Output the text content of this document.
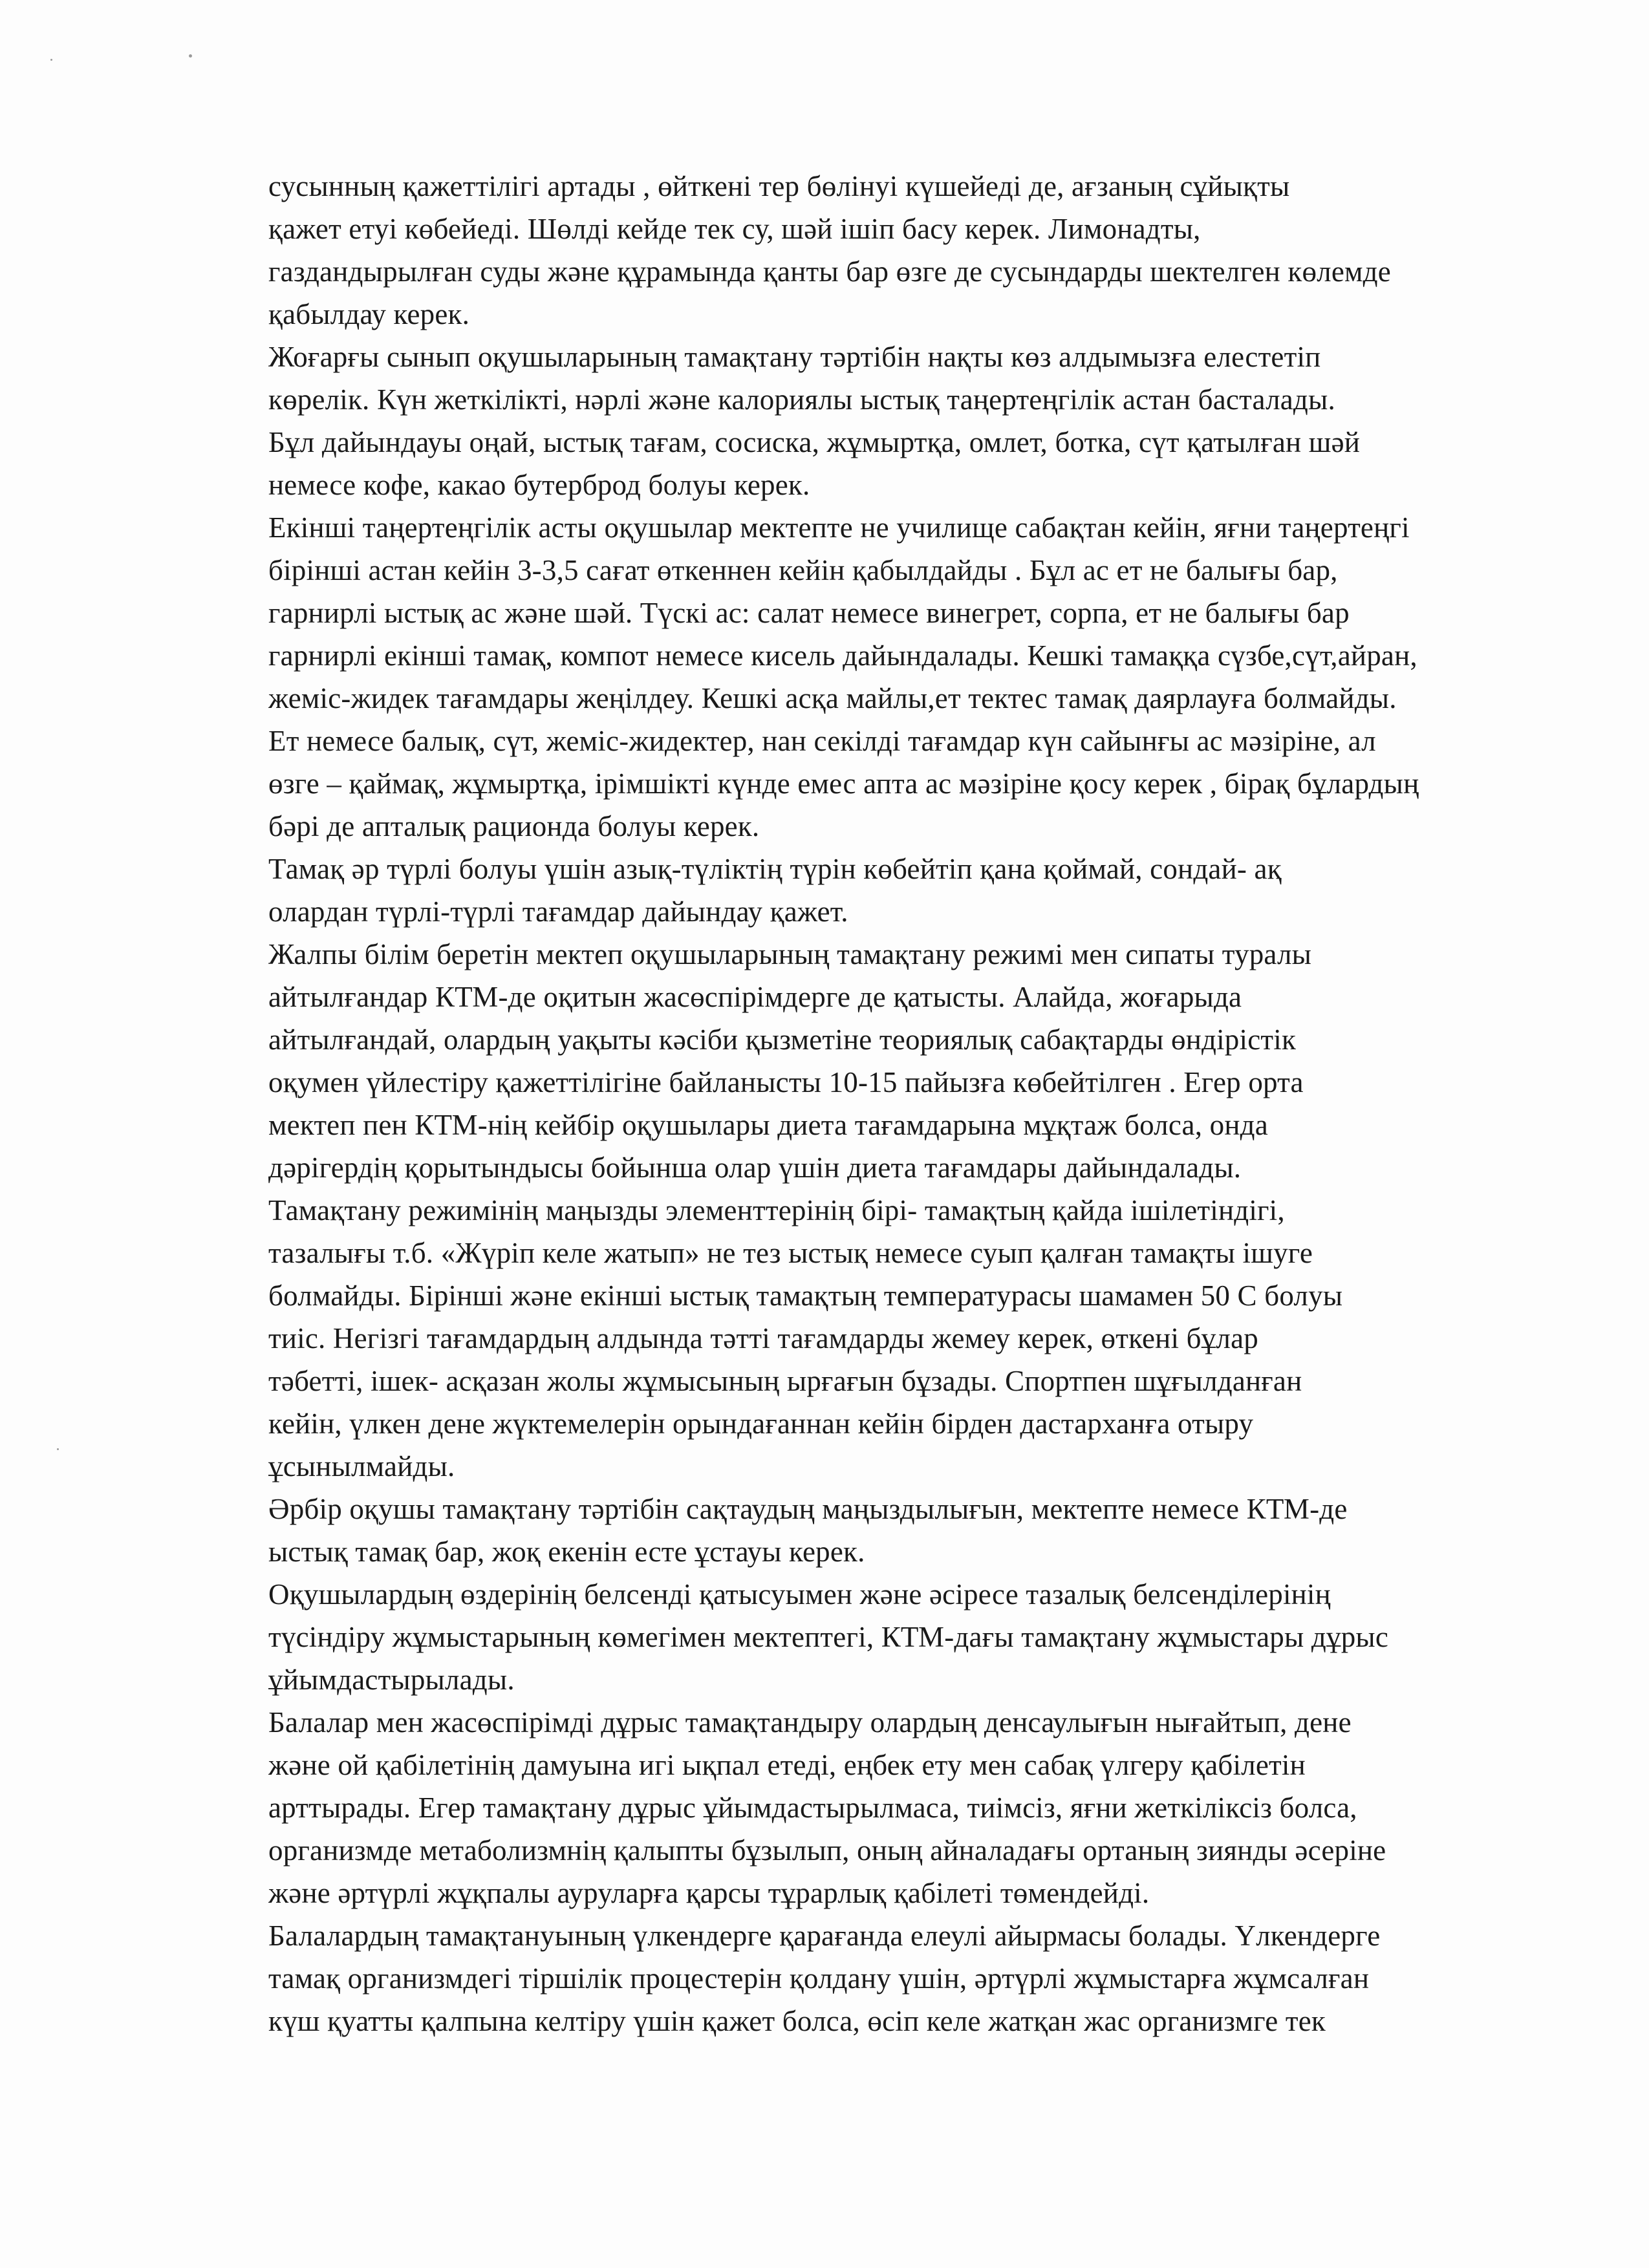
сусынның қажеттілігі артады , өйткені тер бөлінуі күшейеді де, ағзаның сұйықты
қажет етуі көбейеді. Шөлді кейде тек су, шәй ішіп басу керек. Лимонадты,
газдандырылған суды және құрамында қанты бар өзге де сусындарды шектелген көлемде
қабылдау керек.
Жоғарғы сынып оқушыларының тамақтану тәртібін нақты көз алдымызға елестетіп
көрелік. Күн жеткілікті, нәрлі және калориялы ыстық таңертеңгілік астан басталады.
Бұл дайындауы оңай, ыстық тағам, сосиска, жұмыртқа, омлет, ботка, сүт қатылған шәй
немесе кофе, какао бутерброд болуы керек.
Екінші таңертеңгілік асты оқушылар мектепте не училище сабақтан кейін, яғни таңертеңгі
бірінші астан кейін 3-3,5 сағат өткеннен кейін қабылдайды . Бұл ас ет не балығы бар,
гарнирлі ыстық ас және шәй. Түскі ас: салат немесе винегрет, сорпа, ет не балығы бар
гарнирлі екінші тамақ, компот немесе кисель дайындалады. Кешкі тамаққа сүзбе,сүт,айран,
жеміс-жидек тағамдары жеңілдеу. Кешкі асқа майлы,ет тектес тамақ даярлауға болмайды.
Ет немесе балық, сүт, жеміс-жидектер, нан секілді тағамдар күн сайынғы ас мәзіріне, ал
өзге – қаймақ, жұмыртқа, ірімшікті күнде емес апта ас мәзіріне қосу керек , бірақ бұлардың
бәрі де апталық рационда болуы керек.
Тамақ әр түрлі болуы үшін азық-түліктің түрін көбейтіп қана қоймай, сондай- ақ
олардан түрлі-түрлі тағамдар дайындау қажет.
Жалпы білім беретін мектеп оқушыларының тамақтану режимі мен сипаты туралы
айтылғандар КТМ-де оқитын жасөспірімдерге де қатысты. Алайда, жоғарыда
айтылғандай, олардың уақыты кәсіби қызметіне теориялық сабақтарды өндірістік
оқумен үйлестіру қажеттілігіне байланысты 10-15 пайызға көбейтілген . Егер орта
мектеп пен КТМ-нің кейбір оқушылары диета тағамдарына мұқтаж болса, онда
дәрігердің қорытындысы бойынша олар үшін диета тағамдары дайындалады.
Тамақтану режимінің маңызды элементтерінің бірі- тамақтың қайда ішілетіндігі,
тазалығы т.б. «Жүріп келе жатып» не тез ыстық немесе суып қалған тамақты ішуге
болмайды. Бірінші және екінші ыстық тамақтың температурасы шамамен 50 С болуы
тиіс. Негізгі тағамдардың алдында тәтті тағамдарды жемеу керек, өткені бұлар
тәбетті, ішек- асқазан жолы жұмысының ырғағын бұзады. Спортпен шұғылданған
кейін, үлкен дене жүктемелерін орындағаннан кейін бірден дастарханға отыру
ұсынылмайды.
Әрбір оқушы тамақтану тәртібін сақтаудың маңыздылығын, мектепте немесе КТМ-де
ыстық тамақ бар, жоқ екенін есте ұстауы керек.
Оқушылардың өздерінің белсенді қатысуымен және әсіресе тазалық белсенділерінің
түсіндіру жұмыстарының көмегімен мектептегі, КТМ-дағы тамақтану жұмыстары дұрыс
ұйымдастырылады.
Балалар мен жасөспірімді дұрыс тамақтандыру олардың денсаулығын нығайтып, дене
және ой қабілетінің дамуына игі ықпал етеді, еңбек ету мен сабақ үлгеру қабілетін
арттырады. Егер тамақтану дұрыс ұйымдастырылмаса, тиімсіз, яғни жеткіліксіз болса,
организмде метаболизмнің қалыпты бұзылып, оның айналадағы ортаның зиянды әсеріне
және әртүрлі жұқпалы ауруларға қарсы тұрарлық қабілеті төмендейді.
Балалардың тамақтануының үлкендерге қарағанда елеулі айырмасы болады. Үлкендерге
тамақ организмдегі тіршілік процестерін қолдану үшін, әртүрлі жұмыстарға жұмсалған
күш қуатты қалпына келтіру үшін қажет болса, өсіп келе жатқан жас организмге тек
